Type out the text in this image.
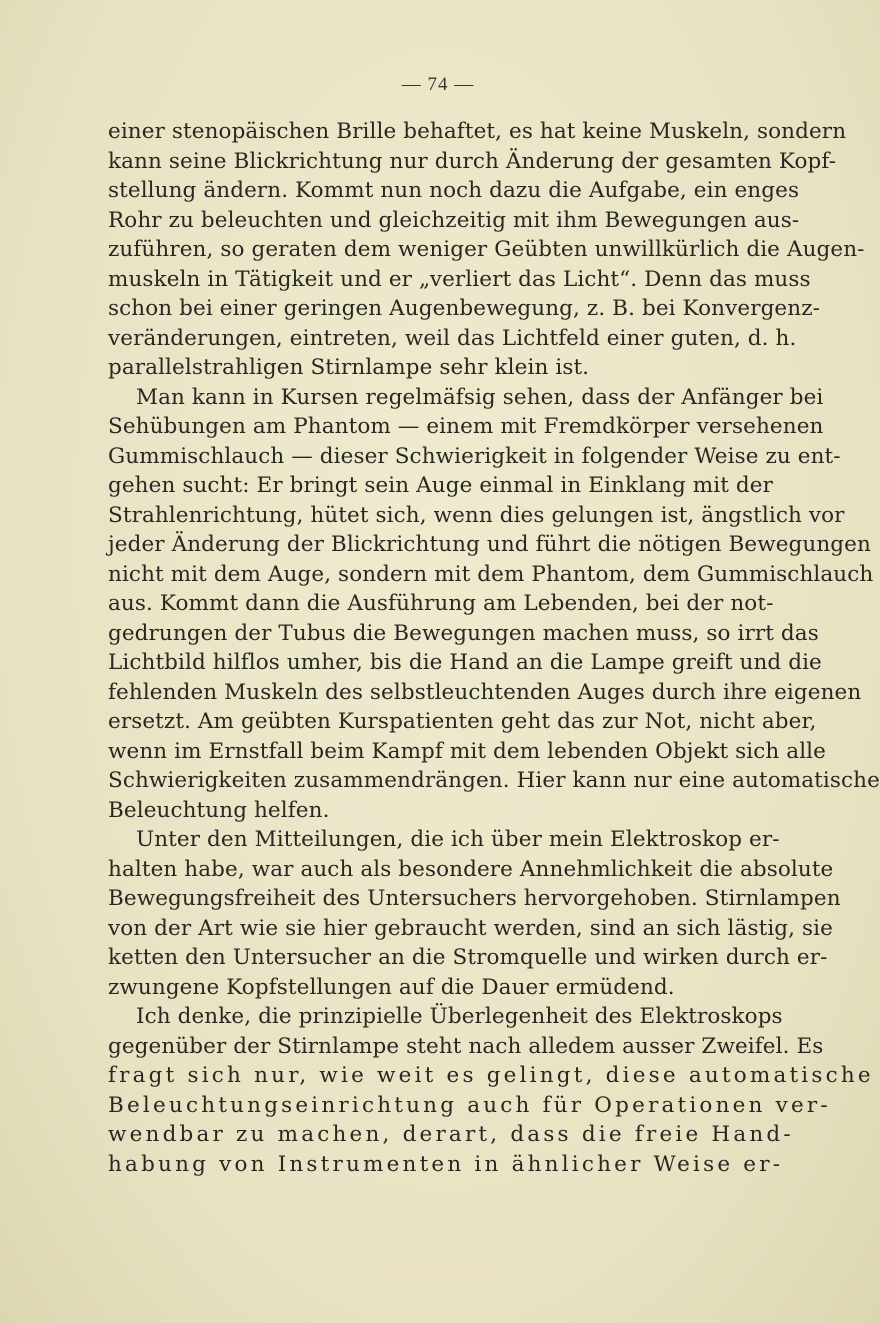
— 74 —
einer stenopäischen Brille behaftet, es hat keine Muskeln, sondern
kann seine Blickrichtung nur durch Änderung der gesamten Kopf-
stellung ändern. Kommt nun noch dazu die Aufgabe, ein enges
Rohr zu beleuchten und gleichzeitig mit ihm Bewegungen aus-
zuführen, so geraten dem weniger Geübten unwillkürlich die Augen-
muskeln in Tätigkeit und er „verliert das Licht“. Denn das muss
schon bei einer geringen Augenbewegung, z. B. bei Konvergenz-
veränderungen, eintreten, weil das Lichtfeld einer guten, d. h.
parallelstrahligen Stirnlampe sehr klein ist.
Man kann in Kursen regelmäfsig sehen, dass der Anfänger bei
Sehübungen am Phantom — einem mit Fremdkörper versehenen
Gummischlauch — dieser Schwierigkeit in folgender Weise zu ent-
gehen sucht: Er bringt sein Auge einmal in Einklang mit der
Strahlenrichtung, hütet sich, wenn dies gelungen ist, ängstlich vor
jeder Änderung der Blickrichtung und führt die nötigen Bewegungen
nicht mit dem Auge, sondern mit dem Phantom, dem Gummischlauch
aus. Kommt dann die Ausführung am Lebenden, bei der not-
gedrungen der Tubus die Bewegungen machen muss, so irrt das
Lichtbild hilflos umher, bis die Hand an die Lampe greift und die
fehlenden Muskeln des selbstleuchtenden Auges durch ihre eigenen
ersetzt. Am geübten Kurspatienten geht das zur Not, nicht aber,
wenn im Ernstfall beim Kampf mit dem lebenden Objekt sich alle
Schwierigkeiten zusammendrängen. Hier kann nur eine automatische
Beleuchtung helfen.
Unter den Mitteilungen, die ich über mein Elektroskop er-
halten habe, war auch als besondere Annehmlichkeit die absolute
Bewegungsfreiheit des Untersuchers hervorgehoben. Stirnlampen
von der Art wie sie hier gebraucht werden, sind an sich lästig, sie
ketten den Untersucher an die Stromquelle und wirken durch er-
zwungene Kopfstellungen auf die Dauer ermüdend.
Ich denke, die prinzipielle Überlegenheit des Elektroskops
gegenüber der Stirnlampe steht nach alledem ausser Zweifel. Es
fragt sich nur, wie weit es gelingt, diese automatische
Beleuchtungseinrichtung auch für Operationen ver-
wendbar zu machen, derart, dass die freie Hand-
habung von Instrumenten in ähnlicher Weise er-
